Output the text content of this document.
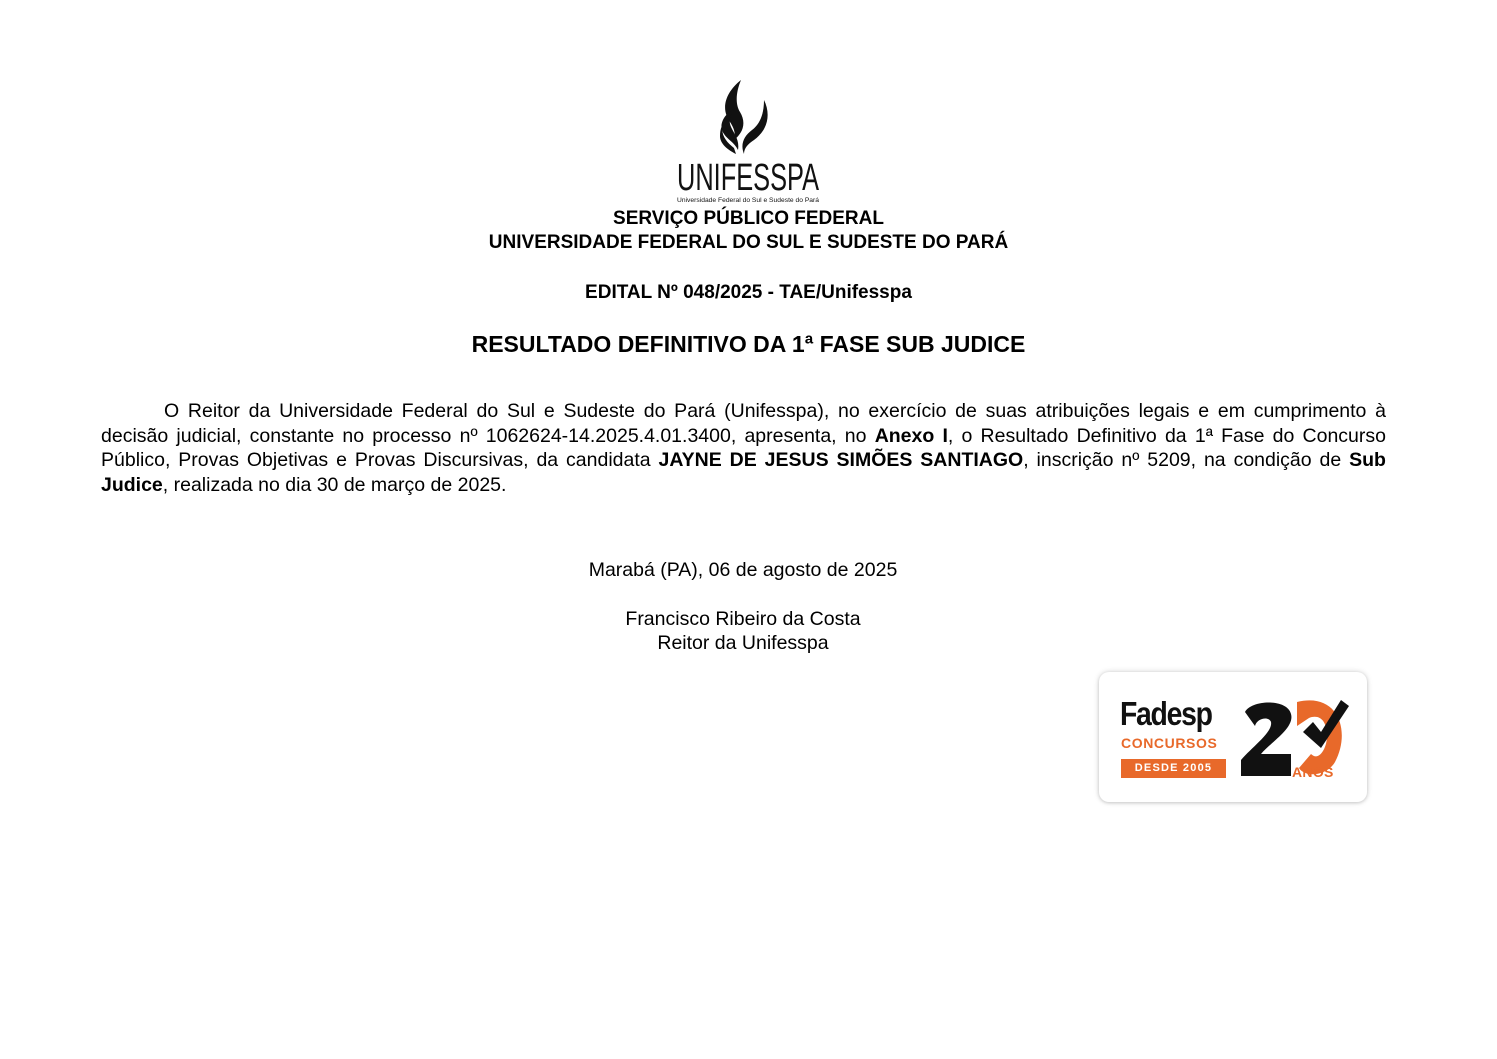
UNIFESSPA
Universidade Federal do Sul e Sudeste do Pará
SERVIÇO PÚBLICO FEDERAL
UNIVERSIDADE FEDERAL DO SUL E SUDESTE DO PARÁ
EDITAL Nº 048/2025 - TAE/Unifesspa
RESULTADO DEFINITIVO DA 1ª FASE SUB JUDICE
O Reitor da Universidade Federal do Sul e Sudeste do Pará (Unifesspa), no exercício de suas atribuições legais e em cumprimento à decisão judicial, constante no processo nº 1062624-14.2025.4.01.3400, apresenta, no Anexo I, o Resultado Definitivo da 1ª Fase do Concurso Público, Provas Objetivas e Provas Discursivas, da candidata JAYNE DE JESUS SIMÕES SANTIAGO, inscrição nº 5209, na condição de Sub Judice, realizada no dia 30 de março de 2025.
Marabá (PA), 06 de agosto de 2025
Francisco Ribeiro da Costa
Reitor da Unifesspa
Fadesp
CONCURSOS
DESDE 2005	ANOS
